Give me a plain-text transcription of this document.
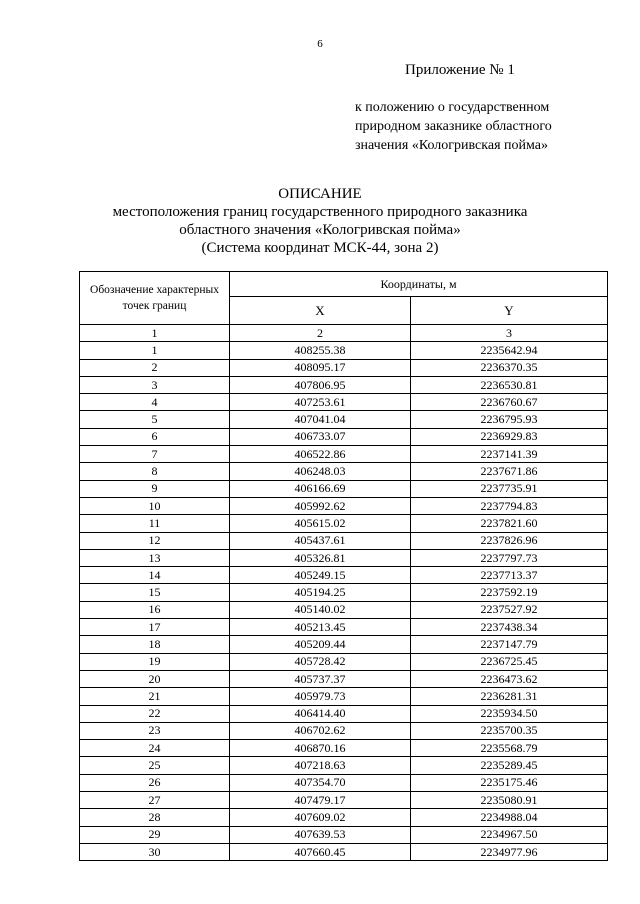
6
Приложение № 1
к положению о государственном
природном заказнике областного
значения «Кологривская пойма»
ОПИСАНИЕ
местоположения границ государственного природного заказника
областного значения «Кологривская пойма»
(Система координат МСК-44, зона 2)
Обозначение характерных точек границ	Координаты, м	
	X	Y
1	2	3
1	408255.38	2235642.94
2	408095.17	2236370.35
3	407806.95	2236530.81
4	407253.61	2236760.67
5	407041.04	2236795.93
6	406733.07	2236929.83
7	406522.86	2237141.39
8	406248.03	2237671.86
9	406166.69	2237735.91
10	405992.62	2237794.83
11	405615.02	2237821.60
12	405437.61	2237826.96
13	405326.81	2237797.73
14	405249.15	2237713.37
15	405194.25	2237592.19
16	405140.02	2237527.92
17	405213.45	2237438.34
18	405209.44	2237147.79
19	405728.42	2236725.45
20	405737.37	2236473.62
21	405979.73	2236281.31
22	406414.40	2235934.50
23	406702.62	2235700.35
24	406870.16	2235568.79
25	407218.63	2235289.45
26	407354.70	2235175.46
27	407479.17	2235080.91
28	407609.02	2234988.04
29	407639.53	2234967.50
30	407660.45	2234977.96
